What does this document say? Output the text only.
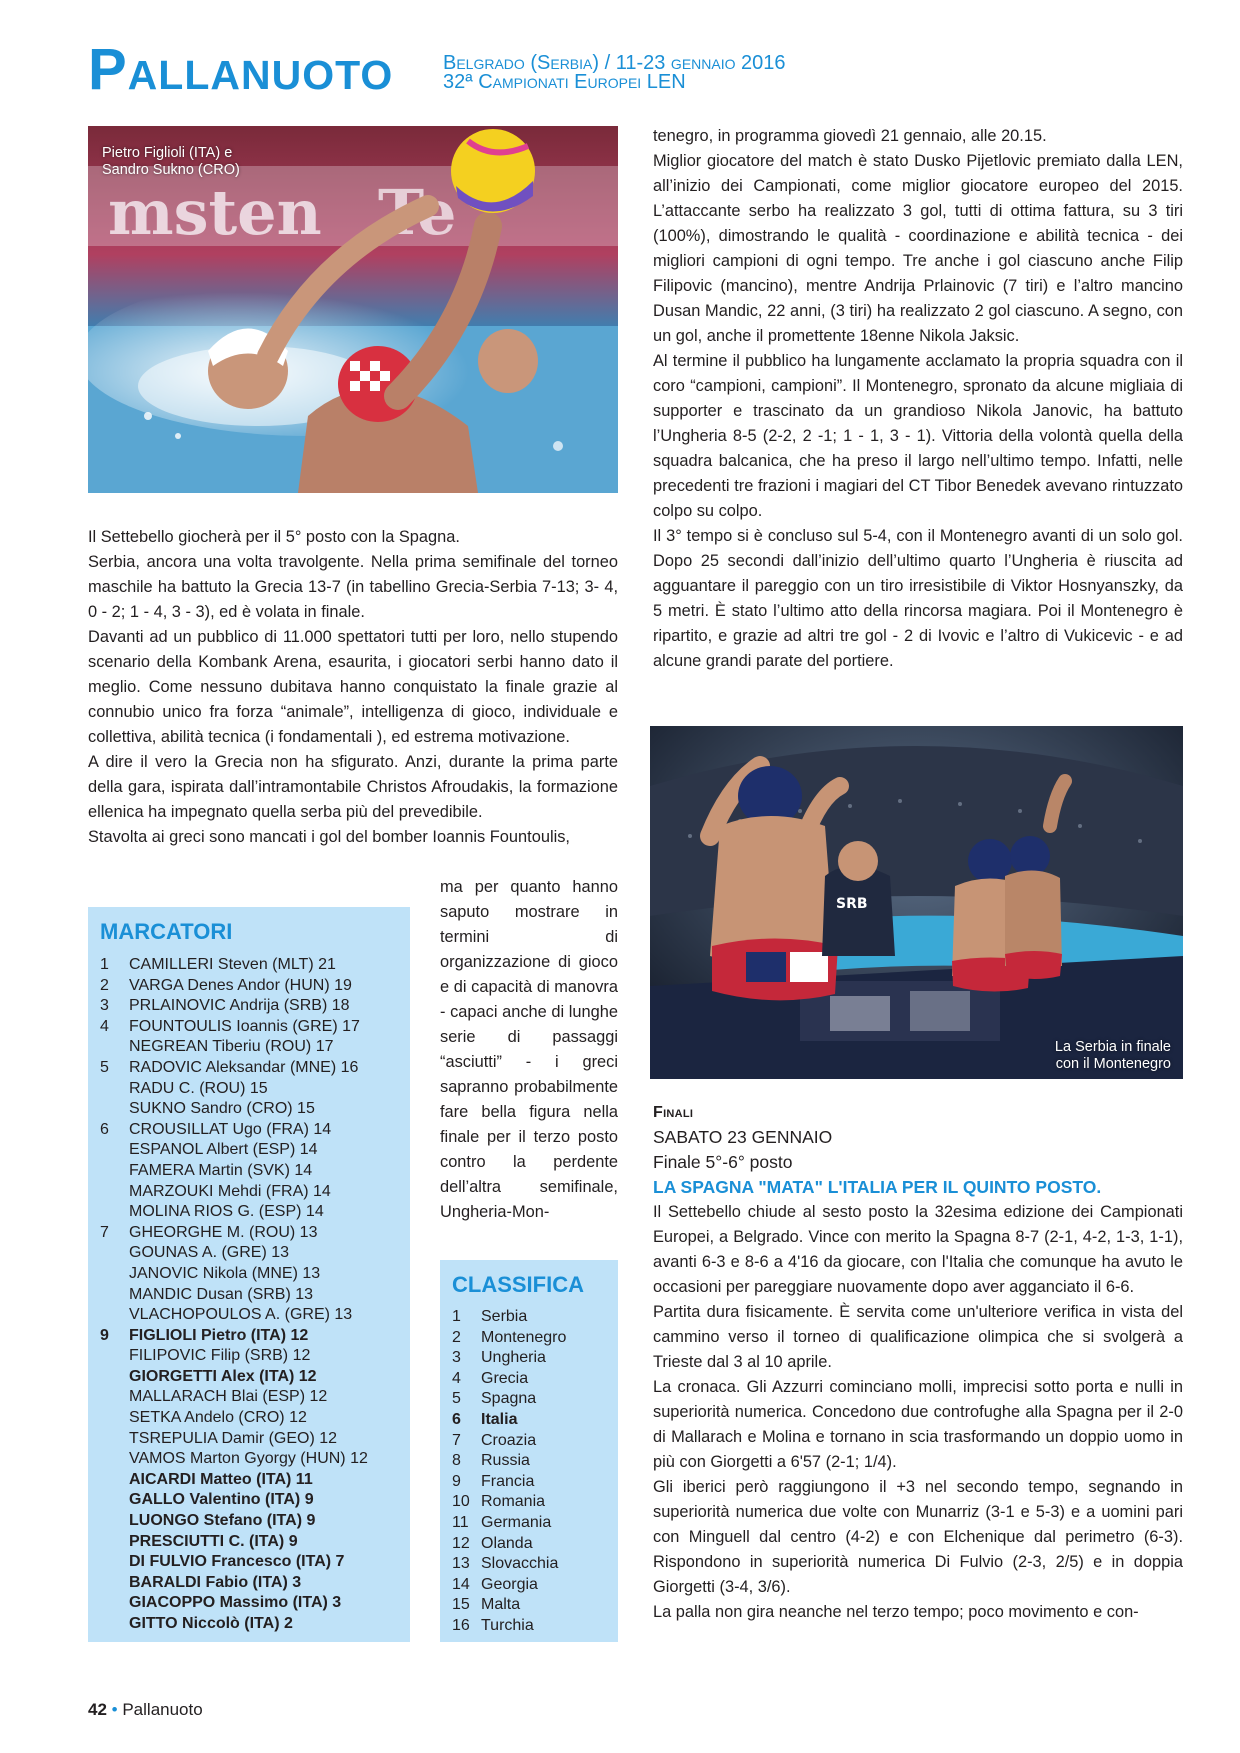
Pallanuoto Belgrado (Serbia) / 11-23 gennaio 2016
32ª Campionati Europei LEN
msten Te
Pietro Figlioli (ITA) e
Sandro Sukno (CRO)

Il Settebello giocherà per il 5° posto con la Spagna.

Serbia, ancora una volta travolgente. Nella prima semifinale del torneo maschile ha battuto la Grecia 13-7 (in tabellino Grecia-Serbia 7-13; 3- 4, 0 - 2; 1 - 4, 3 - 3), ed è volata in finale.

Davanti ad un pubblico di 11.000 spettatori tutti per loro, nello stupendo scenario della Kombank Arena, esaurita, i giocatori serbi hanno dato il meglio. Come nessuno dubitava hanno conquistato la finale grazie al connubio unico fra forza “animale”, intelligenza di gioco, individuale e collettiva, abilità tecnica (i fondamentali ), ed estrema motivazione.

A dire il vero la Grecia non ha sfigurato. Anzi, durante la prima parte della gara, ispirata dall’intramontabile Christos Afroudakis, la formazione ellenica ha impegnato quella serba più del prevedibile.

Stavolta ai greci sono mancati i gol del bomber Ioannis Fountoulis,

ma per quanto hanno saputo mostrare in termini di organizzazione di gioco e di capacità di manovra - capaci anche di lunghe serie di passaggi “asciutti” - i greci sapranno probabilmente fare bella figura nella finale per il terzo posto contro la perdente dell’altra semifinale, Ungheria-Mon-

MARCATORI
1	CAMILLERI Steven (MLT) 21
2	VARGA Denes Andor (HUN) 19
3	PRLAINOVIC Andrija (SRB) 18
4	FOUNTOULIS Ioannis (GRE) 17

NEGREAN Tiberiu (ROU) 17
5	RADOVIC Aleksandar (MNE) 16

RADU C. (ROU) 15

SUKNO Sandro (CRO) 15
6	CROUSILLAT Ugo (FRA) 14

ESPANOL Albert (ESP) 14

FAMERA Martin (SVK) 14

MARZOUKI Mehdi (FRA) 14

MOLINA RIOS G. (ESP) 14
7	GHEORGHE M. (ROU) 13

GOUNAS A. (GRE) 13

JANOVIC Nikola (MNE) 13

MANDIC Dusan (SRB) 13

VLACHOPOULOS A. (GRE) 13
9	FIGLIOLI Pietro (ITA) 12

FILIPOVIC Filip (SRB) 12

GIORGETTI Alex (ITA) 12

MALLARACH Blai (ESP) 12

SETKA Andelo (CRO) 12

TSREPULIA Damir (GEO) 12

VAMOS Marton Gyorgy (HUN) 12

AICARDI Matteo (ITA) 11

GALLO Valentino (ITA) 9

LUONGO Stefano (ITA) 9

PRESCIUTTI C. (ITA) 9

DI FULVIO Francesco (ITA) 7

BARALDI Fabio (ITA) 3

GIACOPPO Massimo (ITA) 3

GITTO Niccolò (ITA) 2
CLASSIFICA
1	Serbia
2	Montenegro
3	Ungheria
4	Grecia
5	Spagna
6	Italia
7	Croazia
8	Russia
9	Francia
10 Romania
11 Germania
12 Olanda
13 Slovacchia
14 Georgia
15 Malta
16 Turchia

tenegro, in programma giovedì 21 gennaio, alle 20.15.

Miglior giocatore del match è stato Dusko Pijetlovic premiato dalla LEN, all’inizio dei Campionati, come miglior giocatore europeo del 2015. L’attaccante serbo ha realizzato 3 gol, tutti di ottima fattura, su 3 tiri (100%), dimostrando le qualità - coordinazione e abilità tecnica - dei migliori campioni di ogni tempo. Tre anche i gol ciascuno anche Filip Filipovic (mancino), mentre Andrija Prlainovic (7 tiri) e l’altro mancino Dusan Mandic, 22 anni, (3 tiri) ha realizzato 2 gol ciascuno. A segno, con un gol, anche il promettente 18enne Nikola Jaksic.

Al termine il pubblico ha lungamente acclamato la propria squadra con il coro “campioni, campioni”. Il Montenegro, spronato da alcune migliaia di supporter e trascinato da un grandioso Nikola Janovic, ha battuto l’Ungheria 8-5 (2-2, 2 -1; 1 - 1, 3 - 1). Vittoria della volontà quella della squadra balcanica, che ha preso il largo nell’ultimo tempo. Infatti, nelle precedenti tre frazioni i magiari del CT Tibor Benedek avevano rintuzzato colpo su colpo.

Il 3° tempo si è concluso sul 5-4, con il Montenegro avanti di un solo gol. Dopo 25 secondi dall’inizio dell’ultimo quarto l’Ungheria è riuscita ad agguantare il pareggio con un tiro irresistibile di Viktor Hosnyanszky, da 5 metri. È stato l’ultimo atto della rincorsa magiara. Poi il Montenegro è ripartito, e grazie ad altri tre gol - 2 di Ivovic e l’altro di Vukicevic - e ad alcune grandi parate del portiere.

SRB
La Serbia in finale
con il Montenegro
Finali
SABATO 23 GENNAIO
Finale 5°-6° posto
LA SPAGNA "MATA" L'ITALIA PER IL QUINTO POSTO.

Il Settebello chiude al sesto posto la 32esima edizione dei Campionati Europei, a Belgrado. Vince con merito la Spagna 8-7 (2-1, 4-2, 1-3, 1-1), avanti 6-3 e 8-6 a 4'16 da giocare, con l'Italia che comunque ha avuto le occasioni per pareggiare nuovamente dopo aver agganciato il 6-6.

Partita dura fisicamente. È servita come un'ulteriore verifica in vista del cammino verso il torneo di qualificazione olimpica che si svolgerà a Trieste dal 3 al 10 aprile.

La cronaca. Gli Azzurri cominciano molli, imprecisi sotto porta e nulli in superiorità numerica. Concedono due controfughe alla Spagna per il 2-0 di Mallarach e Molina e tornano in scia trasformando un doppio uomo in più con Giorgetti a 6'57 (2-1; 1/4).

Gli iberici però raggiungono il +3 nel secondo tempo, segnando in superiorità numerica due volte con Munarriz (3-1 e 5-3) e a uomini pari con Minguell dal centro (4-2) e con Elchenique dal perimetro (6-3). Rispondono in superiorità numerica Di Fulvio (2-3, 2/5) e in doppia Giorgetti (3-4, 3/6).

La palla non gira neanche nel terzo tempo; poco movimento e con-

42 • Pallanuoto
